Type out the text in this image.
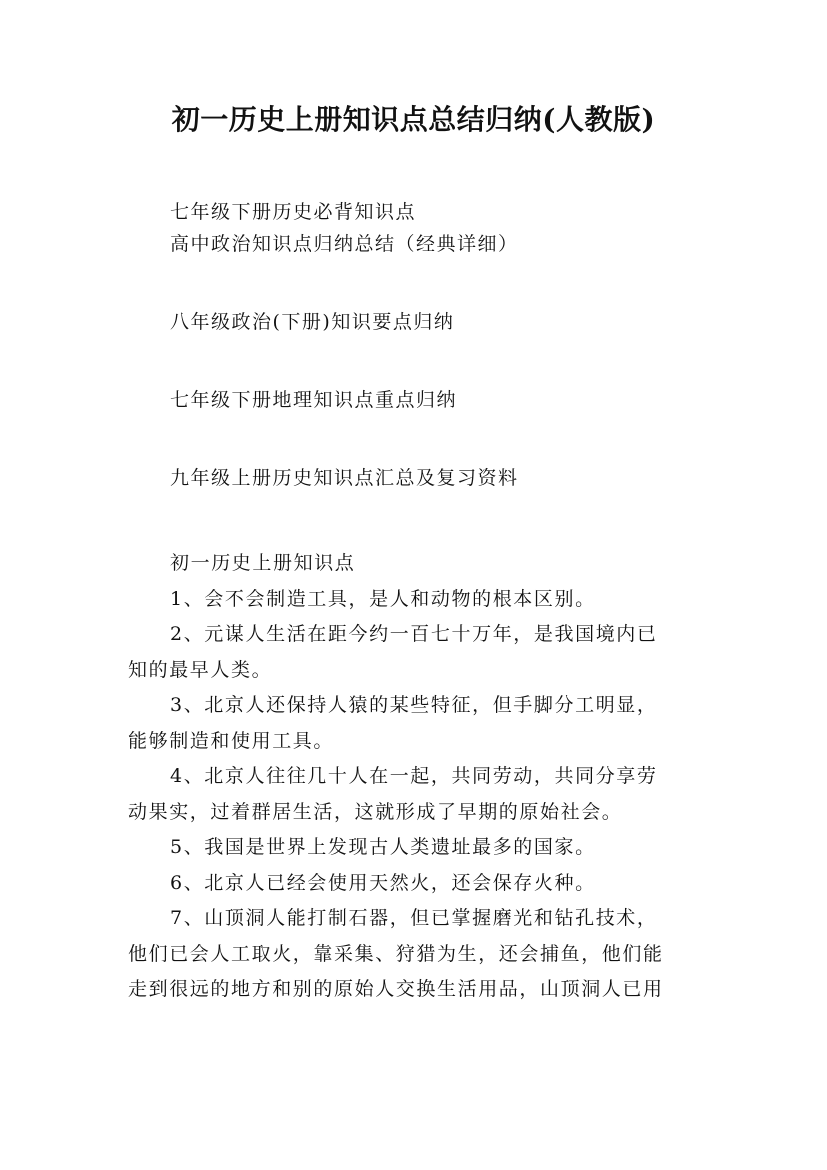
初一历史上册知识点总结归纳(人教版)
七年级下册历史必背知识点
高中政治知识点归纳总结（经典详细）
八年级政治(下册)知识要点归纳
七年级下册地理知识点重点归纳
九年级上册历史知识点汇总及复习资料

初一历史上册知识点

1、会不会制造工具，是人和动物的根本区别。

2、元谋人生活在距今约一百七十万年，是我国境内已
知的最早人类。

3、北京人还保持人猿的某些特征，但手脚分工明显，
能够制造和使用工具。

4、北京人往往几十人在一起，共同劳动，共同分享劳
动果实，过着群居生活，这就形成了早期的原始社会。

5、我国是世界上发现古人类遗址最多的国家。

6、北京人已经会使用天然火，还会保存火种。

7、山顶洞人能打制石器，但已掌握磨光和钻孔技术，
他们已会人工取火，靠采集、狩猎为生，还会捕鱼，他们能
走到很远的地方和别的原始人交换生活用品，山顶洞人已用
